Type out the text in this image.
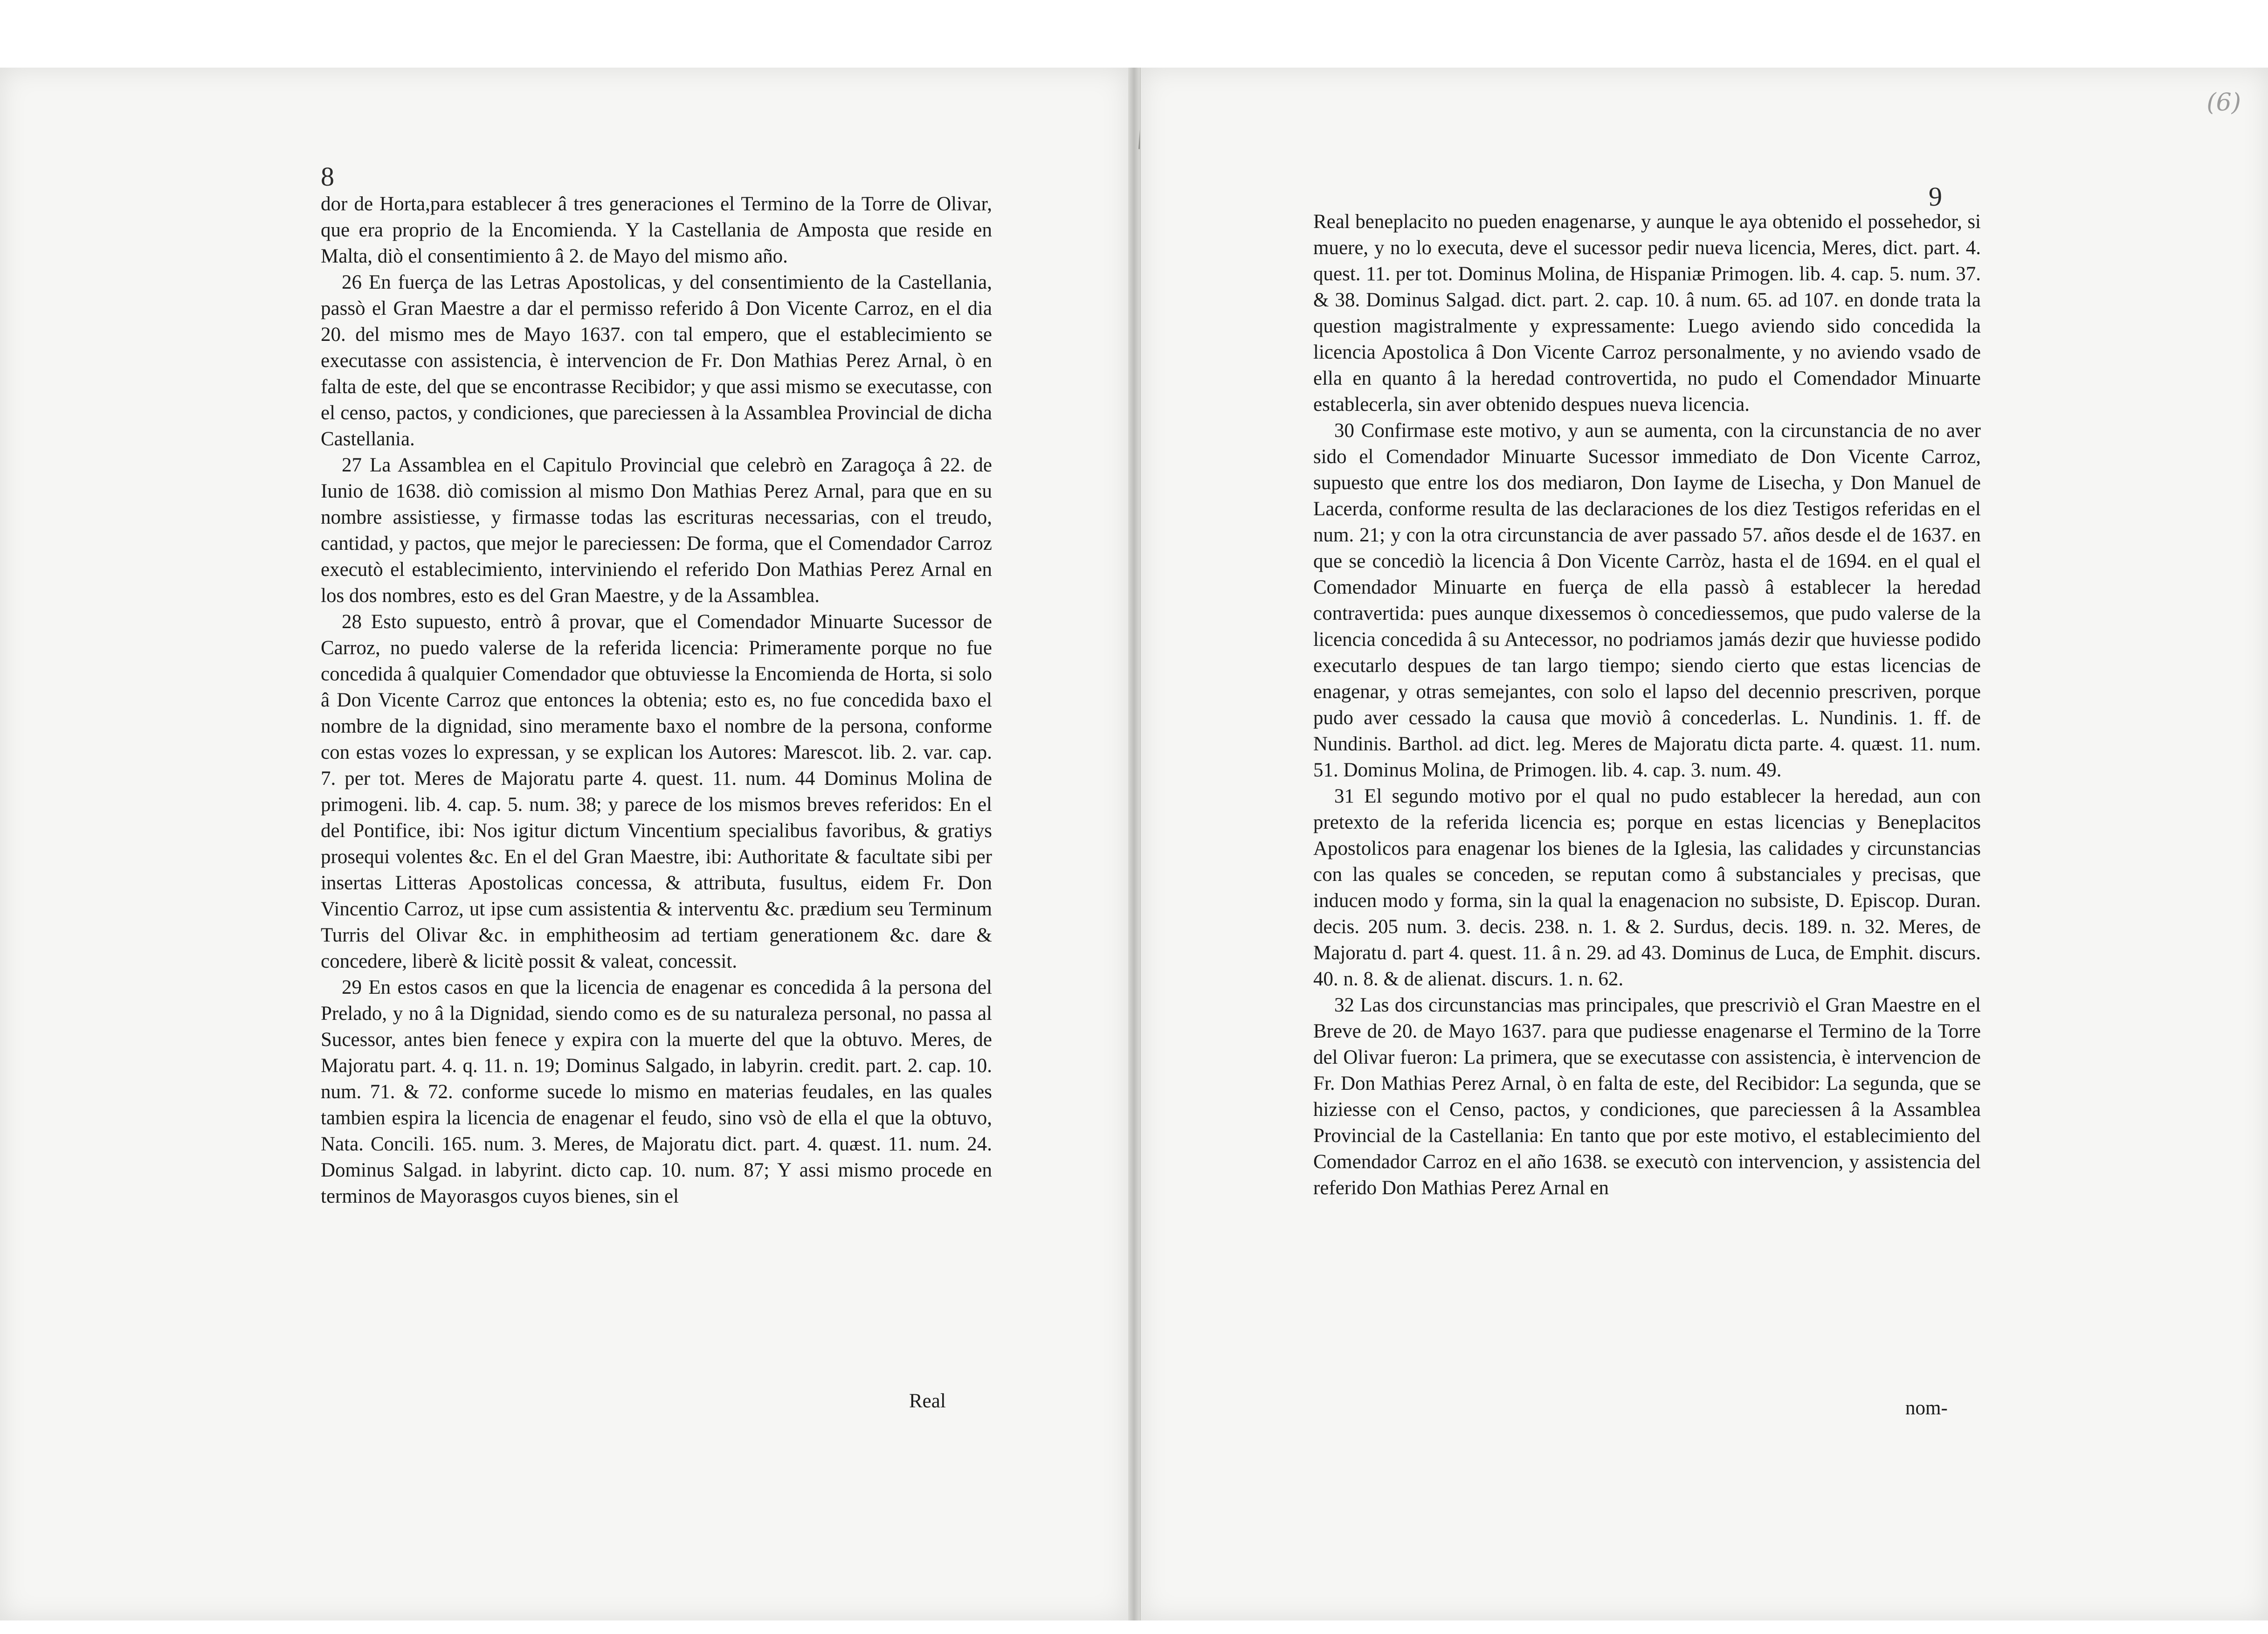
8

dor de Horta,para establecer â tres generaciones el Termino de la Torre de Olivar, que era proprio de la Encomienda. Y la Castellania de Amposta que reside en Malta, diò el consentimiento â 2. de Mayo del mismo año.

26 En fuerça de las Letras Apostolicas, y del consentimiento de la Castellania, passò el Gran Maestre a dar el permisso referido â Don Vicente Carroz, en el dia 20. del mismo mes de Mayo 1637. con tal empero, que el establecimiento se executasse con assistencia, è intervencion de Fr. Don Mathias Perez Arnal, ò en falta de este, del que se encontrasse Recibidor; y que assi mismo se executasse, con el censo, pactos, y condiciones, que pareciessen à la Assamblea Provincial de dicha Castellania.

27 La Assamblea en el Capitulo Provincial que celebrò en Zaragoça â 22. de Iunio de 1638. diò comission al mismo Don Mathias Perez Arnal, para que en su nombre assistiesse, y firmasse todas las escrituras necessarias, con el treudo, cantidad, y pactos, que mejor le pareciessen: De forma, que el Comendador Carroz executò el establecimiento, interviniendo el referido Don Mathias Perez Arnal en los dos nombres, esto es del Gran Maestre, y de la Assamblea.

28 Esto supuesto, entrò â provar, que el Comendador Minuarte Sucessor de Carroz, no puedo valerse de la referida licencia: Primeramente porque no fue concedida â qualquier Comendador que obtuviesse la Encomienda de Horta, si solo â Don Vicente Carroz que entonces la obtenia; esto es, no fue concedida baxo el nombre de la dignidad, sino meramente baxo el nombre de la persona, conforme con estas vozes lo expressan, y se explican los Autores: Marescot. lib. 2. var. cap. 7. per tot. Meres de Majoratu parte 4. quest. 11. num. 44 Dominus Molina de primogeni. lib. 4. cap. 5. num. 38; y parece de los mismos breves referidos: En el del Pontifice, ibi: Nos igitur dictum Vincentium specialibus favoribus, & gratiys prosequi volentes &c. En el del Gran Maestre, ibi: Authoritate & facultate sibi per insertas Litteras Apostolicas concessa, & attributa, fusultus, eidem Fr. Don Vincentio Carroz, ut ipse cum assistentia & interventu &c. prædium seu Terminum Turris del Olivar &c. in emphitheosim ad tertiam generationem &c. dare & concedere, liberè & licitè possit & valeat, concessit.

29 En estos casos en que la licencia de enagenar es concedida â la persona del Prelado, y no â la Dignidad, siendo como es de su naturaleza personal, no passa al Sucessor, antes bien fenece y expira con la muerte del que la obtuvo. Meres, de Majoratu part. 4. q. 11. n. 19; Dominus Salgado, in labyrin. credit. part. 2. cap. 10. num. 71. & 72. conforme sucede lo mismo en materias feudales, en las quales tambien espira la licencia de enagenar el feudo, sino vsò de ella el que la obtuvo, Nata. Concili. 165. num. 3. Meres, de Majoratu dict. part. 4. quæst. 11. num. 24. Dominus Salgad. in labyrint. dicto cap. 10. num. 87; Y assi mismo procede en terminos de Mayorasgos cuyos bienes, sin el

Real
(6)
9

Real beneplacito no pueden enagenarse, y aunque le aya obtenido el possehedor, si muere, y no lo executa, deve el sucessor pedir nueva licencia, Meres, dict. part. 4. quest. 11. per tot. Dominus Molina, de Hispaniæ Primogen. lib. 4. cap. 5. num. 37. & 38. Dominus Salgad. dict. part. 2. cap. 10. â num. 65. ad 107. en donde trata la question magistralmente y expressamente: Luego aviendo sido concedida la licencia Apostolica â Don Vicente Carroz personalmente, y no aviendo vsado de ella en quanto â la heredad controvertida, no pudo el Comendador Minuarte establecerla, sin aver obtenido despues nueva licencia.

30 Confirmase este motivo, y aun se aumenta, con la circunstancia de no aver sido el Comendador Minuarte Sucessor immediato de Don Vicente Carroz, supuesto que entre los dos mediaron, Don Iayme de Lisecha, y Don Manuel de Lacerda, conforme resulta de las declaraciones de los diez Testigos referidas en el num. 21; y con la otra circunstancia de aver passado 57. años desde el de 1637. en que se concediò la licencia â Don Vicente Carròz, hasta el de 1694. en el qual el Comendador Minuarte en fuerça de ella passò â establecer la heredad contravertida: pues aunque dixessemos ò concediessemos, que pudo valerse de la licencia concedida â su Antecessor, no podriamos jamás dezir que huviesse podido executarlo despues de tan largo tiempo; siendo cierto que estas licencias de enagenar, y otras semejantes, con solo el lapso del decennio prescriven, porque pudo aver cessado la causa que moviò â concederlas. L. Nundinis. 1. ff. de Nundinis. Barthol. ad dict. leg. Meres de Majoratu dicta parte. 4. quæst. 11. num. 51. Dominus Molina, de Primogen. lib. 4. cap. 3. num. 49.

31 El segundo motivo por el qual no pudo establecer la heredad, aun con pretexto de la referida licencia es; porque en estas licencias y Beneplacitos Apostolicos para enagenar los bienes de la Iglesia, las calidades y circunstancias con las quales se conceden, se reputan como â substanciales y precisas, que inducen modo y forma, sin la qual la enagenacion no subsiste, D. Episcop. Duran. decis. 205 num. 3. decis. 238. n. 1. & 2. Surdus, decis. 189. n. 32. Meres, de Majoratu d. part 4. quest. 11. â n. 29. ad 43. Dominus de Luca, de Emphit. discurs. 40. n. 8. & de alienat. discurs. 1. n. 62.

32 Las dos circunstancias mas principales, que prescriviò el Gran Maestre en el Breve de 20. de Mayo 1637. para que pudiesse enagenarse el Termino de la Torre del Olivar fueron: La primera, que se executasse con assistencia, è intervencion de Fr. Don Mathias Perez Arnal, ò en falta de este, del Recibidor: La segunda, que se hiziesse con el Censo, pactos, y condiciones, que pareciessen â la Assamblea Provincial de la Castellania: En tanto que por este motivo, el establecimiento del Comendador Carroz en el año 1638. se executò con intervencion, y assistencia del referido Don Mathias Perez Arnal en

nom-
